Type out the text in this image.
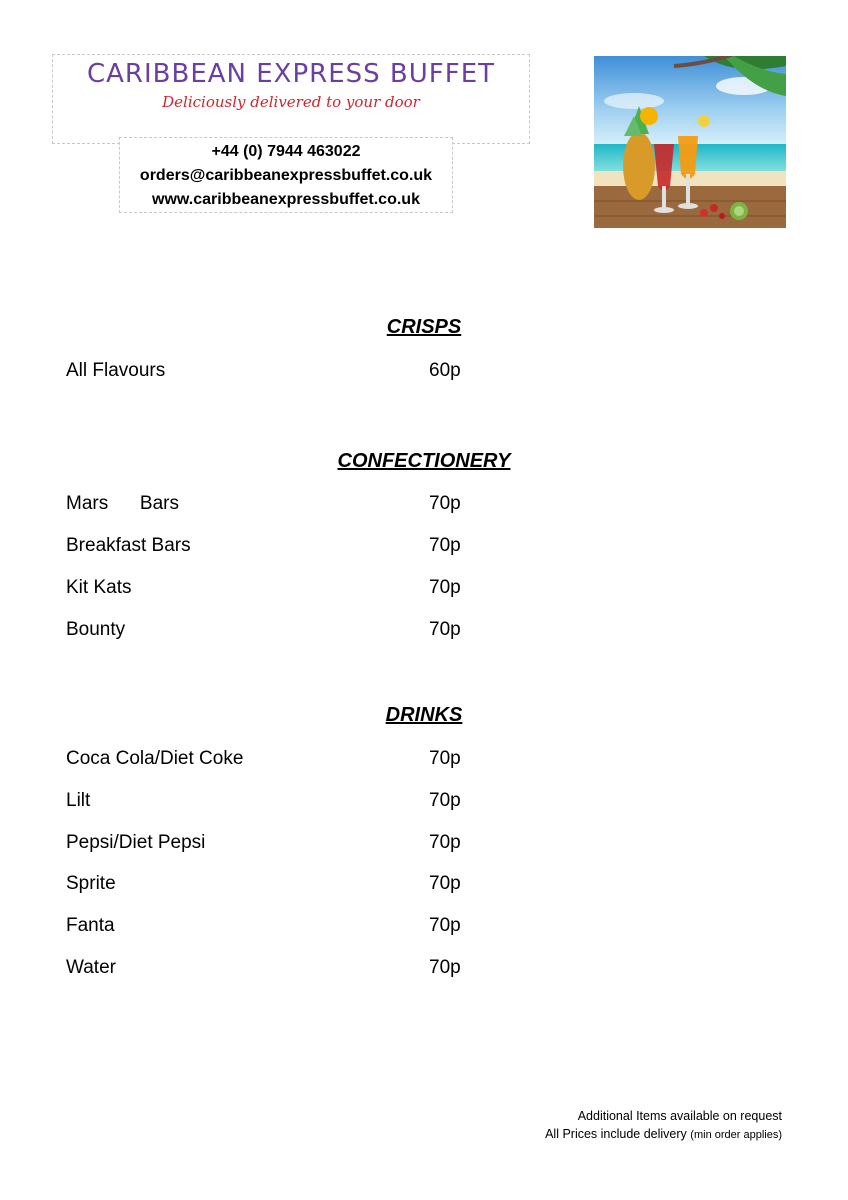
CARIBBEAN EXPRESS BUFFET
Deliciously delivered to your door
+44 (0) 7944 463022
orders@caribbeanexpressbuffet.co.uk
www.caribbeanexpressbuffet.co.uk
CRISPS
All Flavours	60p
CONFECTIONERY
Mars      Bars	70p
Breakfast Bars	70p
Kit Kats	70p
Bounty	70p
DRINKS
Coca Cola/Diet Coke	70p
Lilt	70p
Pepsi/Diet Pepsi	70p
Sprite	70p
Fanta	70p
Water	70p
Additional Items available on request
All Prices include delivery (min order applies)
